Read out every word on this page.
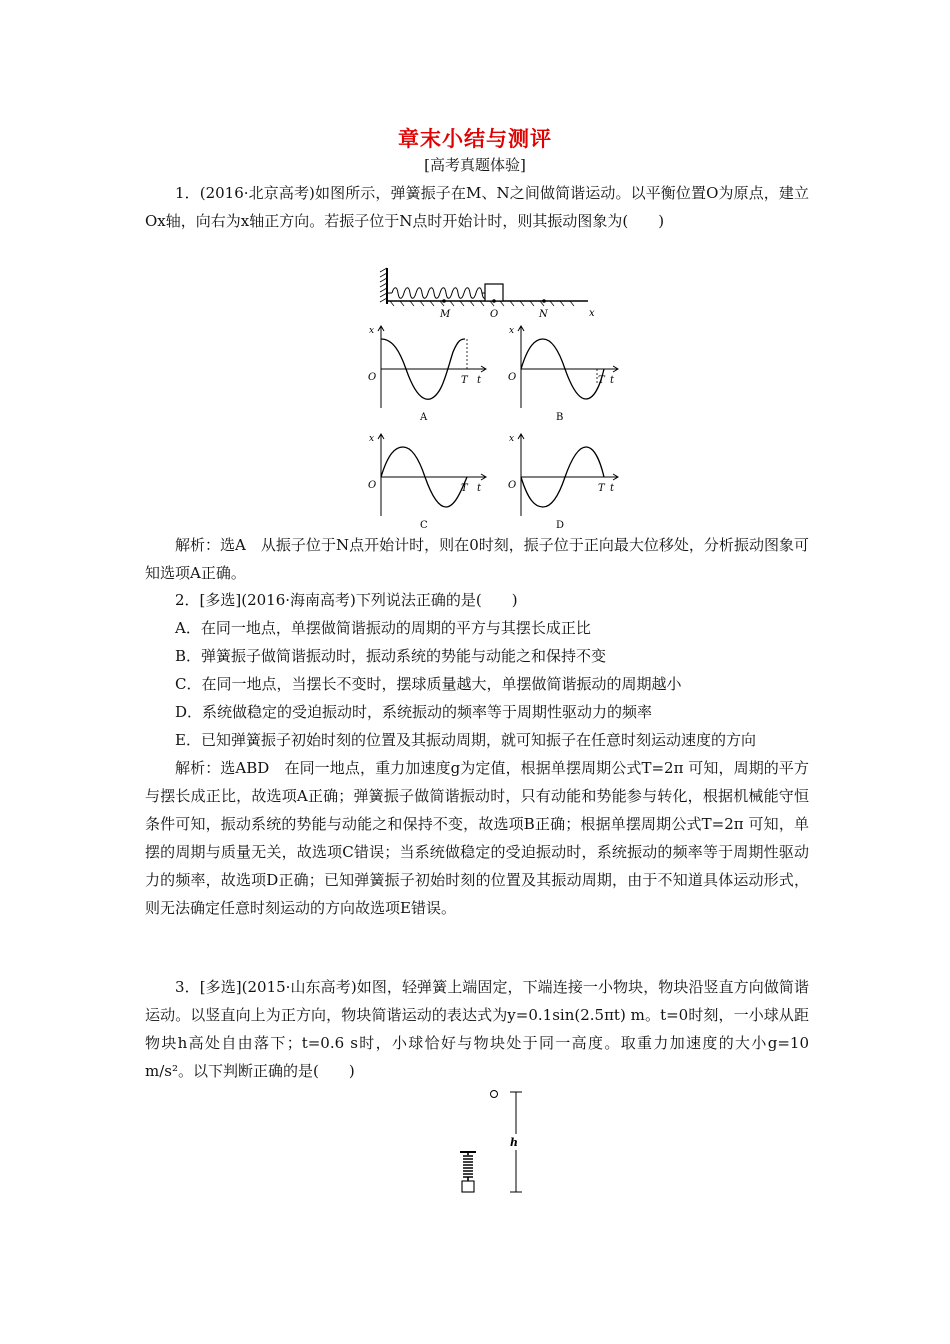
章末小结与测评
[高考真题体验]

1．(2016·北京高考)如图所示，弹簧振子在M、N之间做简谐运动。以平衡位置O为原点，建立Ox轴，向右为x轴正方向。若振子位于N点时开始计时，则其振动图象为(　　)

M	O	N	x
x
O	T t
A
x
O	T t
B
x
O	T t
C
x
O	T t
D

解析：选A　从振子位于N点开始计时，则在0时刻，振子位于正向最大位移处，分析振动图象可知选项A正确。

2．[多选](2016·海南高考)下列说法正确的是(　　)

A．在同一地点，单摆做简谐振动的周期的平方与其摆长成正比

B．弹簧振子做简谐振动时，振动系统的势能与动能之和保持不变

C．在同一地点，当摆长不变时，摆球质量越大，单摆做简谐振动的周期越小

D．系统做稳定的受迫振动时，系统振动的频率等于周期性驱动力的频率

E．已知弹簧振子初始时刻的位置及其振动周期，就可知振子在任意时刻运动速度的方向

解析：选ABD　在同一地点，重力加速度g为定值，根据单摆周期公式T=2π 可知，周期的平方与摆长成正比，故选项A正确；弹簧振子做简谐振动时，只有动能和势能参与转化，根据机械能守恒条件可知，振动系统的势能与动能之和保持不变，故选项B正确；根据单摆周期公式T=2π 可知，单摆的周期与质量无关，故选项C错误；当系统做稳定的受迫振动时，系统振动的频率等于周期性驱动力的频率，故选项D正确；已知弹簧振子初始时刻的位置及其振动周期，由于不知道具体运动形式，则无法确定任意时刻运动的方向故选项E错误。

3．[多选](2015·山东高考)如图，轻弹簧上端固定，下端连接一小物块，物块沿竖直方向做简谐运动。以竖直向上为正方向，物块简谐运动的表达式为y=0.1sin(2.5πt) m。t=0时刻，一小球从距物块h高处自由落下；t=0.6 s时，小球恰好与物块处于同一高度。取重力加速度的大小g=10 m/s²。以下判断正确的是(　　)

h
